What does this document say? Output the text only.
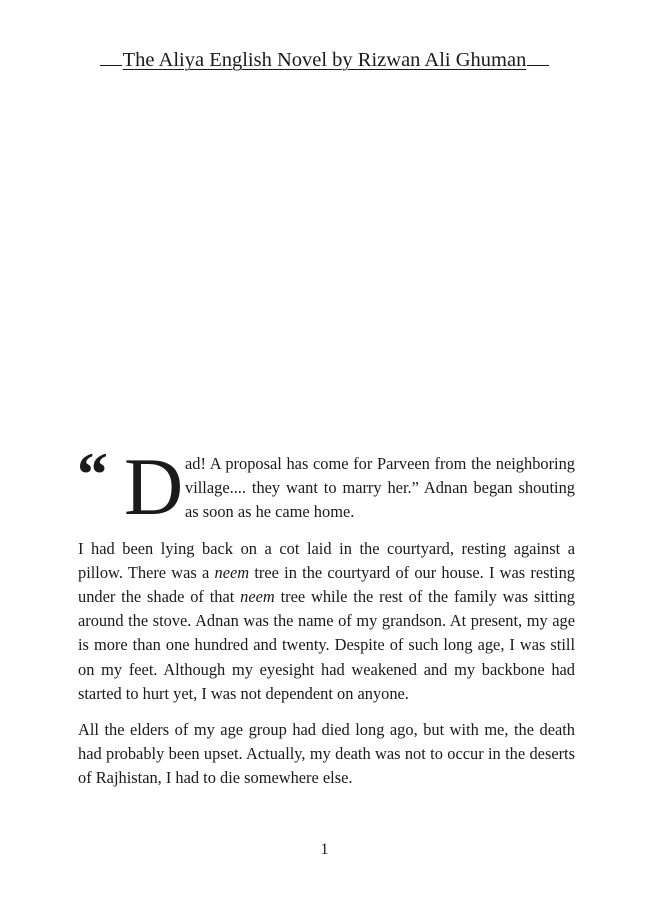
The Aliya English Novel by Rizwan Ali Ghuman
“ D ad! A proposal has come for Parveen from the neighboring village.... they want to marry her.” Adnan began shouting as soon as he came home.

I had been lying back on a cot laid in the courtyard, resting against a pillow. There was a neem tree in the courtyard of our house. I was resting under the shade of that neem tree while the rest of the family was sitting around the stove. Adnan was the name of my grandson. At present, my age is more than one hundred and twenty. Despite of such long age, I was still on my feet. Although my eyesight had weakened and my backbone had started to hurt yet, I was not dependent on anyone.

All the elders of my age group had died long ago, but with me, the death had probably been upset. Actually, my death was not to occur in the deserts of Rajhistan, I had to die somewhere else.

1
